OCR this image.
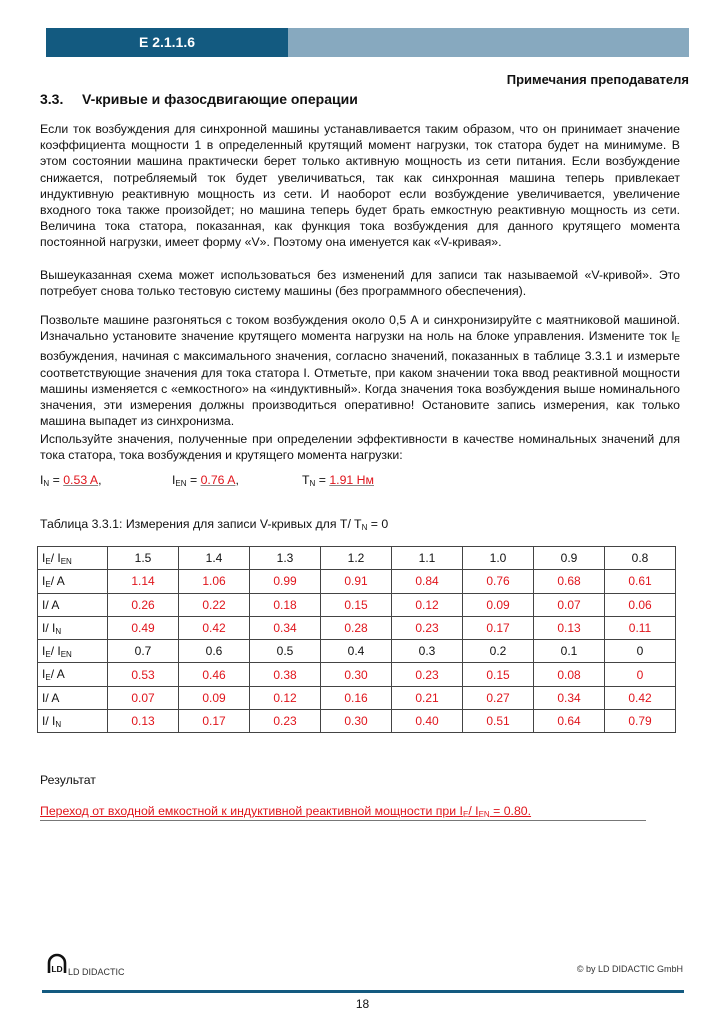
E 2.1.1.6
Примечания преподавателя
3.3. V-кривые и фазосдвигающие операции
Если ток возбуждения для синхронной машины устанавливается таким образом, что он принимает значение коэффициента мощности 1 в определенный крутящий момент нагрузки, ток статора будет на минимуме. В этом состоянии машина практически берет только активную мощность из сети питания. Если возбуждение снижается, потребляемый ток будет увеличиваться, так как синхронная машина теперь привлекает индуктивную реактивную мощность из сети. И наоборот если возбуждение увеличивается, увеличение входного тока также произойдет; но машина теперь будет брать емкостную реактивную мощность из сети. Величина тока статора, показанная, как функция тока возбуждения для данного крутящего момента постоянной нагрузки, имеет форму «V». Поэтому она именуется как «V-кривая».
Вышеуказанная схема может использоваться без изменений для записи так называемой «V-кривой». Это потребует снова только тестовую систему машины (без программного обеспечения).
Позвольте машине разгоняться с током возбуждения около 0,5 А и синхронизируйте с маятниковой машиной. Изначально установите значение крутящего момента нагрузки на ноль на блоке управления. Измените ток $I_E$ возбуждения, начиная с максимального значения, согласно значений, показанных в таблице 3.3.1 и измерьте соответствующие значения для тока статора I. Отметьте, при каком значении тока ввод реактивной мощности машины изменяется с «емкостного» на «индуктивный». Когда значения тока возбуждения выше номинального значения, эти измерения должны производиться оперативно! Остановите запись измерения, как только машина выпадет из синхронизма.
Используйте значения, полученные при определении эффективности в качестве номинальных значений для тока статора, тока возбуждения и крутящего момента нагрузки:
$I_N = 0.53$ A,	$I_{EN} = 0.76$ A,	$T_N = 1.91$ Нм
Таблица 3.3.1: Измерения для записи V-кривых для T/ $T_N = 0$
$I_E/$ $I_{EN}$	1.5	1.4	1.3	1.2	1.1	1.0	0.9	0.8
$I_E/$ A	1.14	1.06	0.99	0.91	0.84	0.76	0.68	0.61
I/ A	0.26	0.22	0.18	0.15	0.12	0.09	0.07	0.06
I/ $I_N$	0.49	0.42	0.34	0.28	0.23	0.17	0.13	0.11
$I_E/$ $I_{EN}$	0.7	0.6	0.5	0.4	0.3	0.2	0.1	0
$I_E/$ A	0.53	0.46	0.38	0.30	0.23	0.15	0.08	0
I/ A	0.07	0.09	0.12	0.16	0.21	0.27	0.34	0.42
I/ $I_N$	0.13	0.17	0.23	0.30	0.40	0.51	0.64	0.79
Результат
Переход от входной емкостной к индуктивной реактивной мощности при $I_E/$ $I_{EN} = 0.80$.
LD LD DIDACTIC	© by LD DIDACTIC GmbH
18
